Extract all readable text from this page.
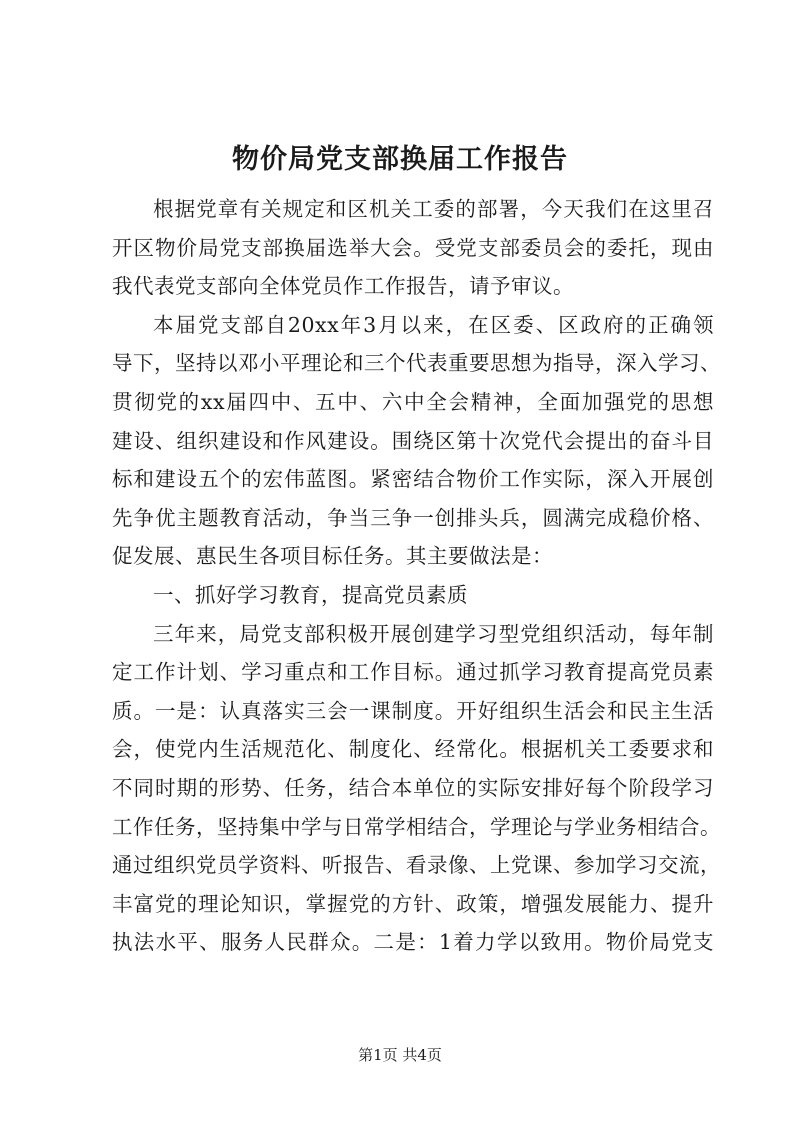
物价局党支部换届工作报告
根据党章有关规定和区机关工委的部署，今天我们在这里召
开区物价局党支部换届选举大会。受党支部委员会的委托，现由
我代表党支部向全体党员作工作报告，请予审议。
本届党支部自20xx年3月以来，在区委、区政府的正确领
导下，坚持以邓小平理论和三个代表重要思想为指导，深入学习、
贯彻党的xx届四中、五中、六中全会精神，全面加强党的思想
建设、组织建设和作风建设。围绕区第十次党代会提出的奋斗目
标和建设五个的宏伟蓝图。紧密结合物价工作实际，深入开展创
先争优主题教育活动，争当三争一创排头兵，圆满完成稳价格、
促发展、惠民生各项目标任务。其主要做法是：
一、抓好学习教育，提高党员素质
三年来，局党支部积极开展创建学习型党组织活动，每年制
定工作计划、学习重点和工作目标。通过抓学习教育提高党员素
质。一是：认真落实三会一课制度。开好组织生活会和民主生活
会，使党内生活规范化、制度化、经常化。根据机关工委要求和
不同时期的形势、任务，结合本单位的实际安排好每个阶段学习
工作任务，坚持集中学与日常学相结合，学理论与学业务相结合。
通过组织党员学资料、听报告、看录像、上党课、参加学习交流，
丰富党的理论知识，掌握党的方针、政策，增强发展能力、提升
执法水平、服务人民群众。二是：1着力学以致用。物价局党支
第1页 共4页
